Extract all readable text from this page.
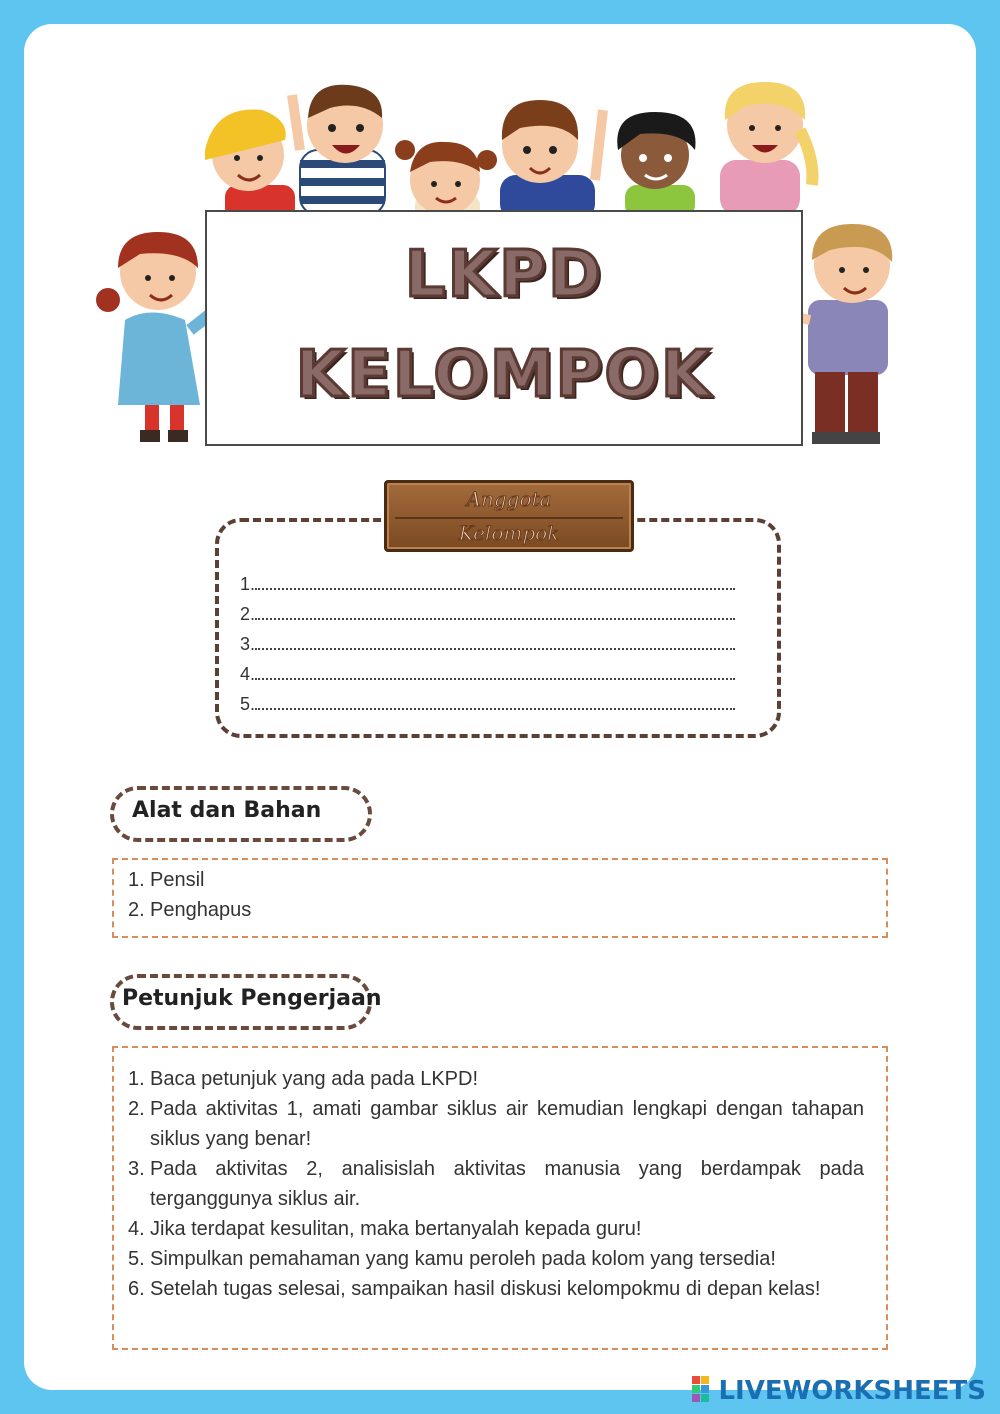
LKPD
KELOMPOK
Anggota
Kelompok
1.
2.
3.
4.
5.
Alat dan Bahan
1. Pensil
2. Penghapus
Petunjuk Pengerjaan
1. Baca petunjuk yang ada pada LKPD!
2. Pada aktivitas 1, amati gambar siklus air kemudian lengkapi dengan tahapan siklus yang benar!
3. Pada aktivitas 2, analisislah aktivitas manusia yang berdampak pada terganggunya siklus air.
4. Jika terdapat kesulitan, maka bertanyalah kepada guru!
5. Simpulkan pemahaman yang kamu peroleh pada kolom yang tersedia!
6. Setelah tugas selesai, sampaikan hasil diskusi kelompokmu di depan kelas!
LIVEWORKSHEETS
